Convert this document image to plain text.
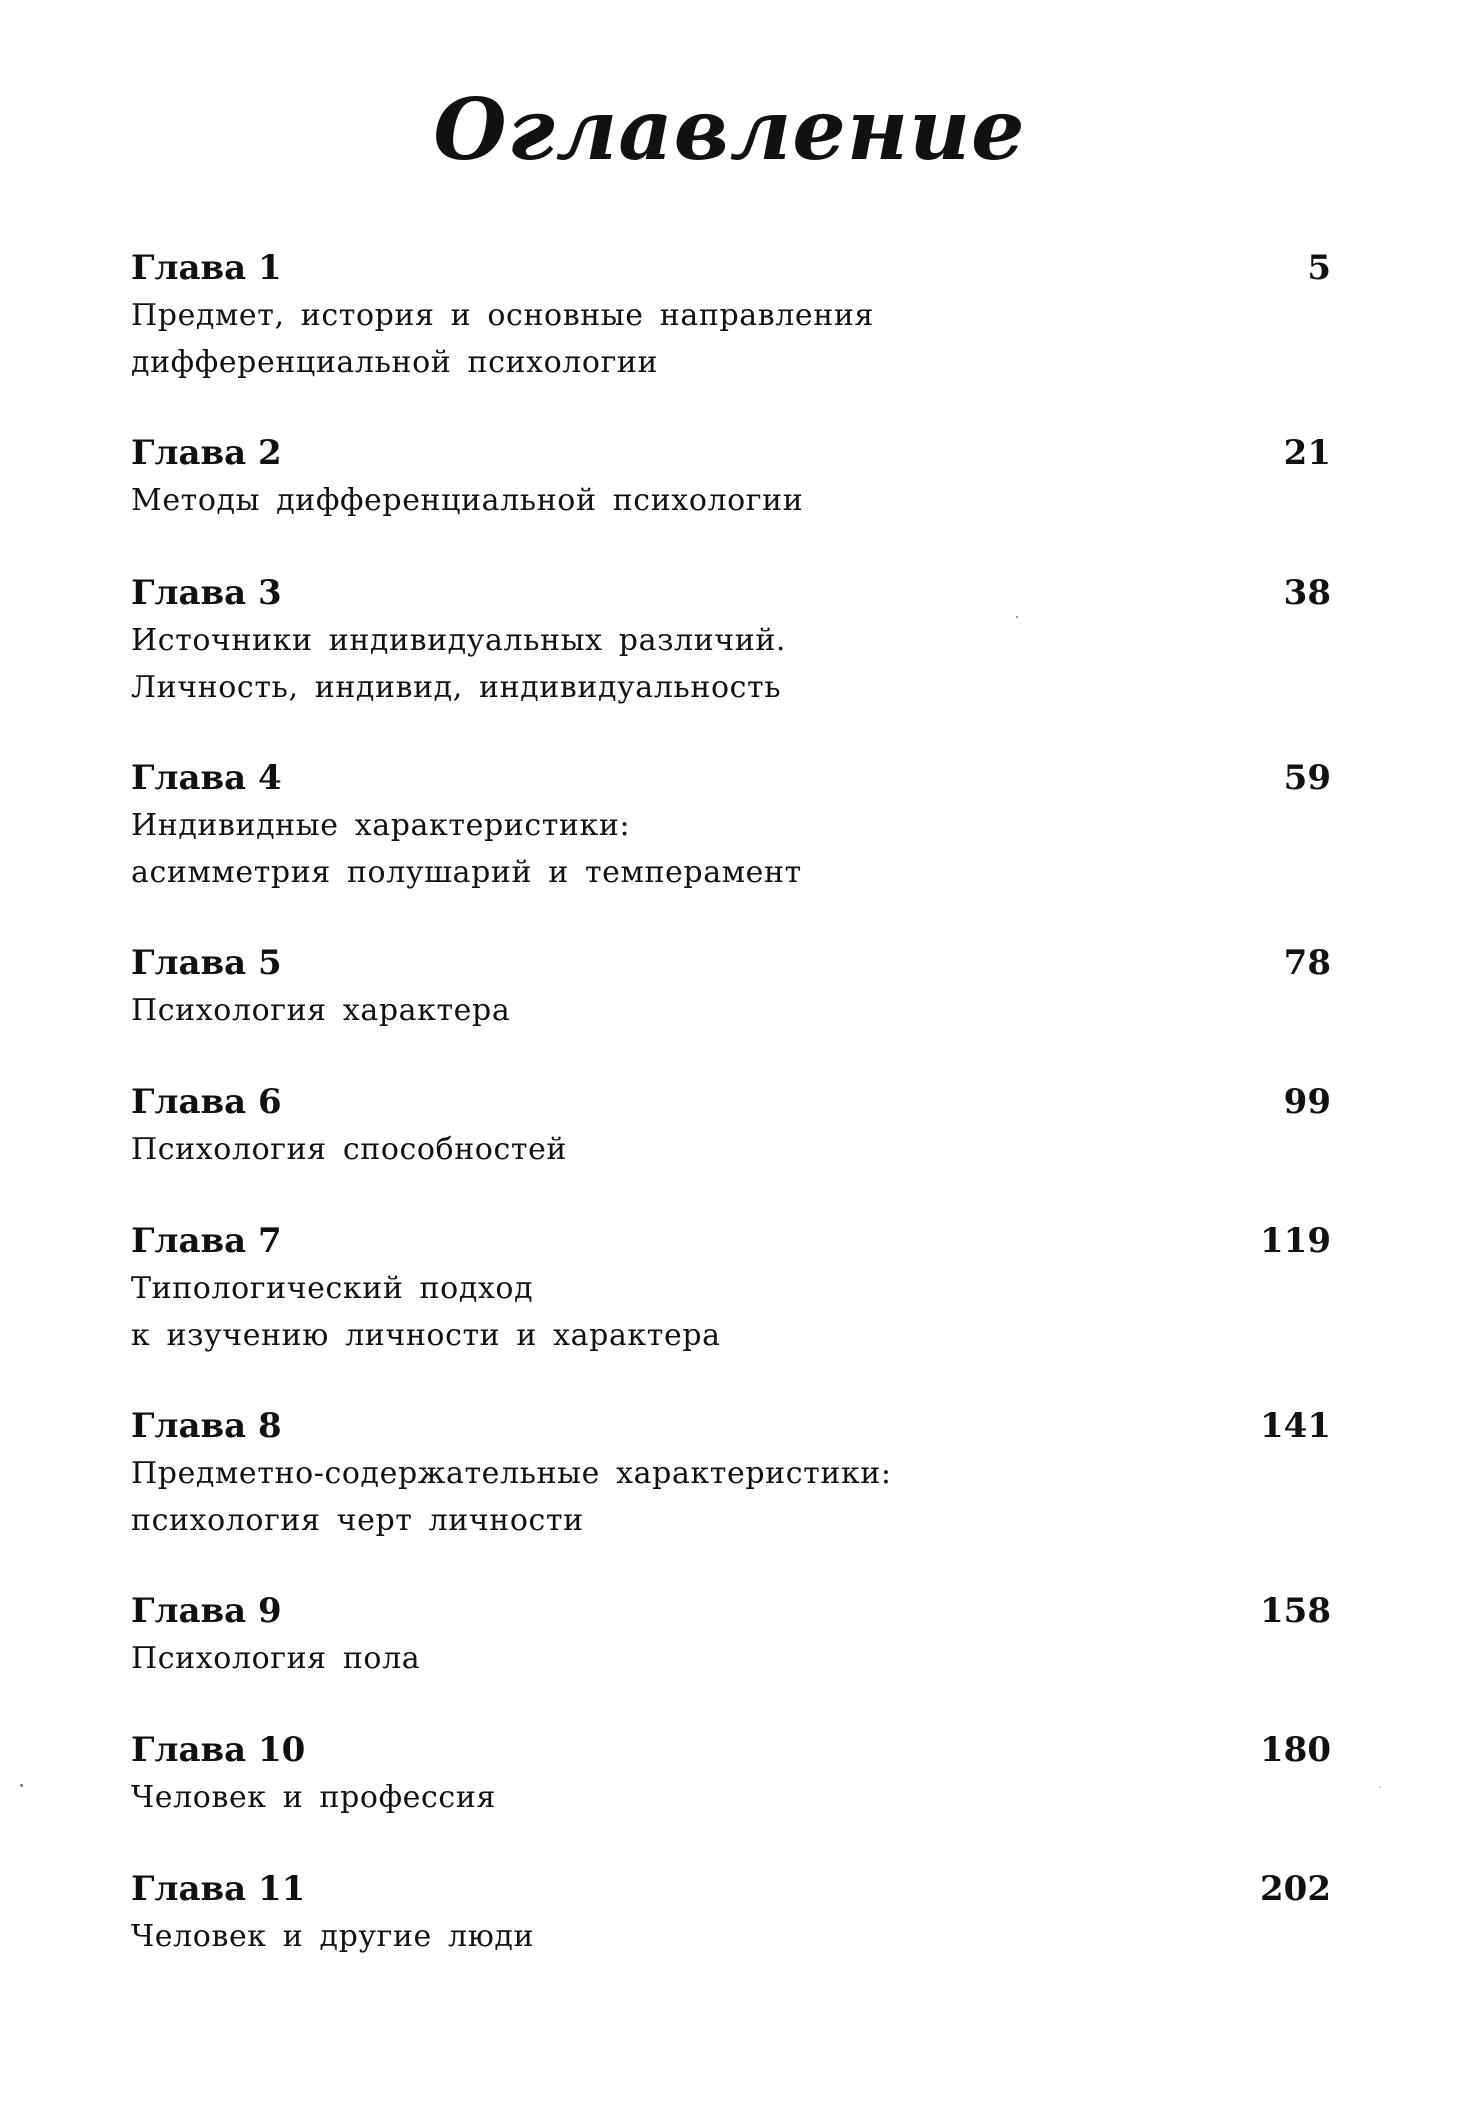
Оглавление
Глава 1	5
Предмет, история и основные направления
дифференциальной психологии
Глава 2	21
Методы дифференциальной психологии
Глава 3	38
Источники индивидуальных различий.
Личность, индивид, индивидуальность
Глава 4	59
Индивидные характеристики:
асимметрия полушарий и темперамент
Глава 5	78
Психология характера
Глава 6	99
Психология способностей
Глава 7	119
Типологический подход
к изучению личности и характера
Глава 8	141
Предметно-содержательные характеристики:
психология черт личности
Глава 9	158
Психология пола
Глава 10	180
Человек и профессия
Глава 11	202
Человек и другие люди
